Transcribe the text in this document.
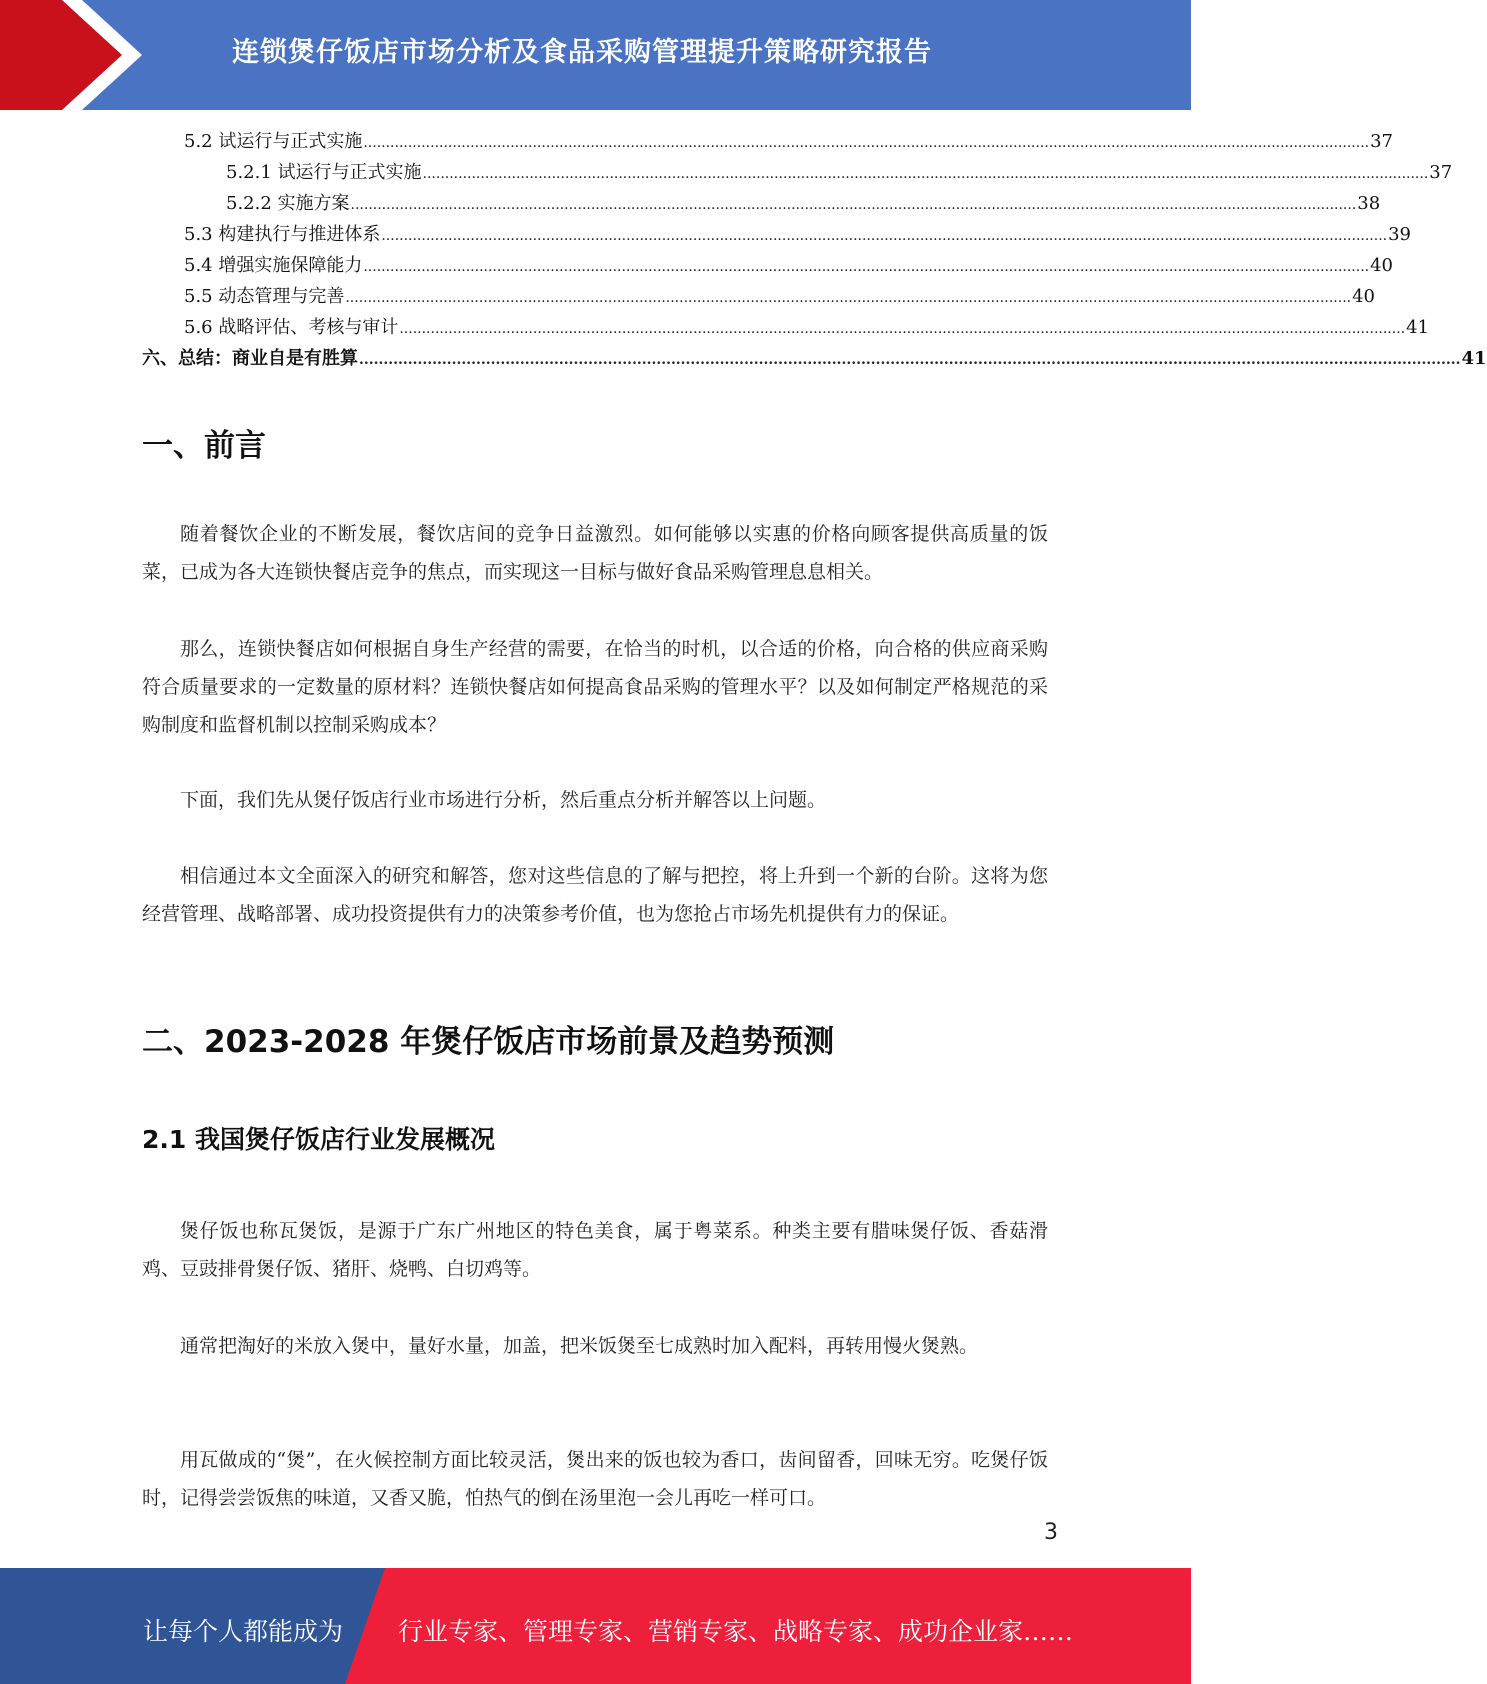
连锁煲仔饭店市场分析及食品采购管理提升策略研究报告
5.2 试运行与正式实施 .................................................................................................................................................................................................................................. 37
5.2.1 试运行与正式实施 .................................................................................................................................................................................................................................. 37
5.2.2 实施方案 .................................................................................................................................................................................................................................. 38
5.3 构建执行与推进体系 .................................................................................................................................................................................................................................. 39
5.4 增强实施保障能力 .................................................................................................................................................................................................................................. 40
5.5 动态管理与完善 .................................................................................................................................................................................................................................. 40
5.6 战略评估、考核与审计 .................................................................................................................................................................................................................................. 41
六、总结：商业自是有胜算 .................................................................................................................................................................................................................................. 41
一、前言
随着餐饮企业的不断发展，餐饮店间的竞争日益激烈。如何能够以实惠的价格向顾客提供高质量的饭菜，已成为各大连锁快餐店竞争的焦点，而实现这一目标与做好食品采购管理息息相关。
那么，连锁快餐店如何根据自身生产经营的需要，在恰当的时机，以合适的价格，向合格的供应商采购符合质量要求的一定数量的原材料？连锁快餐店如何提高食品采购的管理水平？以及如何制定严格规范的采购制度和监督机制以控制采购成本？
下面，我们先从煲仔饭店行业市场进行分析，然后重点分析并解答以上问题。
相信通过本文全面深入的研究和解答，您对这些信息的了解与把控，将上升到一个新的台阶。这将为您经营管理、战略部署、成功投资提供有力的决策参考价值，也为您抢占市场先机提供有力的保证。
二、2023-2028 年煲仔饭店市场前景及趋势预测
2.1 我国煲仔饭店行业发展概况
煲仔饭也称瓦煲饭，是源于广东广州地区的特色美食，属于粤菜系。种类主要有腊味煲仔饭、香菇滑鸡、豆豉排骨煲仔饭、猪肝、烧鸭、白切鸡等。
通常把淘好的米放入煲中，量好水量，加盖，把米饭煲至七成熟时加入配料，再转用慢火煲熟。
用瓦做成的“煲”，在火候控制方面比较灵活，煲出来的饭也较为香口，齿间留香，回味无穷。吃煲仔饭时，记得尝尝饭焦的味道，又香又脆，怕热气的倒在汤里泡一会儿再吃一样可口。
3
让每个人都能成为 行业专家、管理专家、营销专家、战略专家、成功企业家……
